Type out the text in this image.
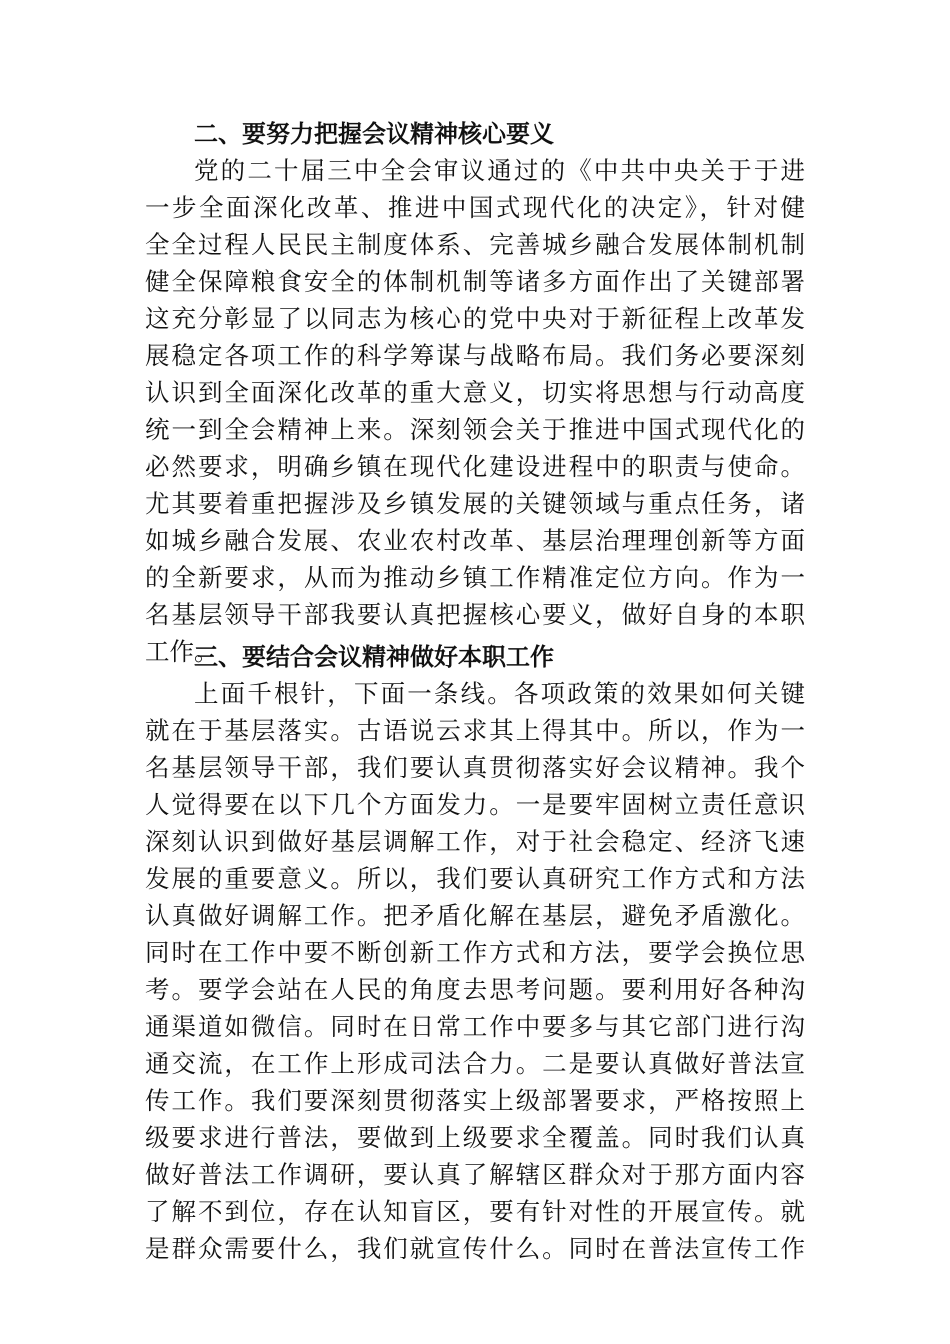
二、要努力把握会议精神核心要义
党的二十届三中全会审议通过的《中共中央关于于进
一步全面深化改革、推进中国式现代化的决定》，针对健
全全过程人民民主制度体系、完善城乡融合发展体制机制
健全保障粮食安全的体制机制等诸多方面作出了关键部署
这充分彰显了以同志为核心的党中央对于新征程上改革发
展稳定各项工作的科学筹谋与战略布局。我们务必要深刻
认识到全面深化改革的重大意义，切实将思想与行动高度
统一到全会精神上来。深刻领会关于推进中国式现代化的
必然要求，明确乡镇在现代化建设进程中的职责与使命。
尤其要着重把握涉及乡镇发展的关键领域与重点任务，诸
如城乡融合发展、农业农村改革、基层治理理创新等方面
的全新要求，从而为推动乡镇工作精准定位方向。作为一
名基层领导干部我要认真把握核心要义，做好自身的本职
工作。
三、要结合会议精神做好本职工作
上面千根针，下面一条线。各项政策的效果如何关键
就在于基层落实。古语说云求其上得其中。所以，作为一
名基层领导干部，我们要认真贯彻落实好会议精神。我个
人觉得要在以下几个方面发力。一是要牢固树立责任意识
深刻认识到做好基层调解工作，对于社会稳定、经济飞速
发展的重要意义。所以，我们要认真研究工作方式和方法
认真做好调解工作。把矛盾化解在基层，避免矛盾激化。
同时在工作中要不断创新工作方式和方法，要学会换位思
考。要学会站在人民的角度去思考问题。要利用好各种沟
通渠道如微信。同时在日常工作中要多与其它部门进行沟
通交流，在工作上形成司法合力。二是要认真做好普法宣
传工作。我们要深刻贯彻落实上级部署要求，严格按照上
级要求进行普法，要做到上级要求全覆盖。同时我们认真
做好普法工作调研，要认真了解辖区群众对于那方面内容
了解不到位，存在认知盲区，要有针对性的开展宣传。就
是群众需要什么，我们就宣传什么。同时在普法宣传工作
